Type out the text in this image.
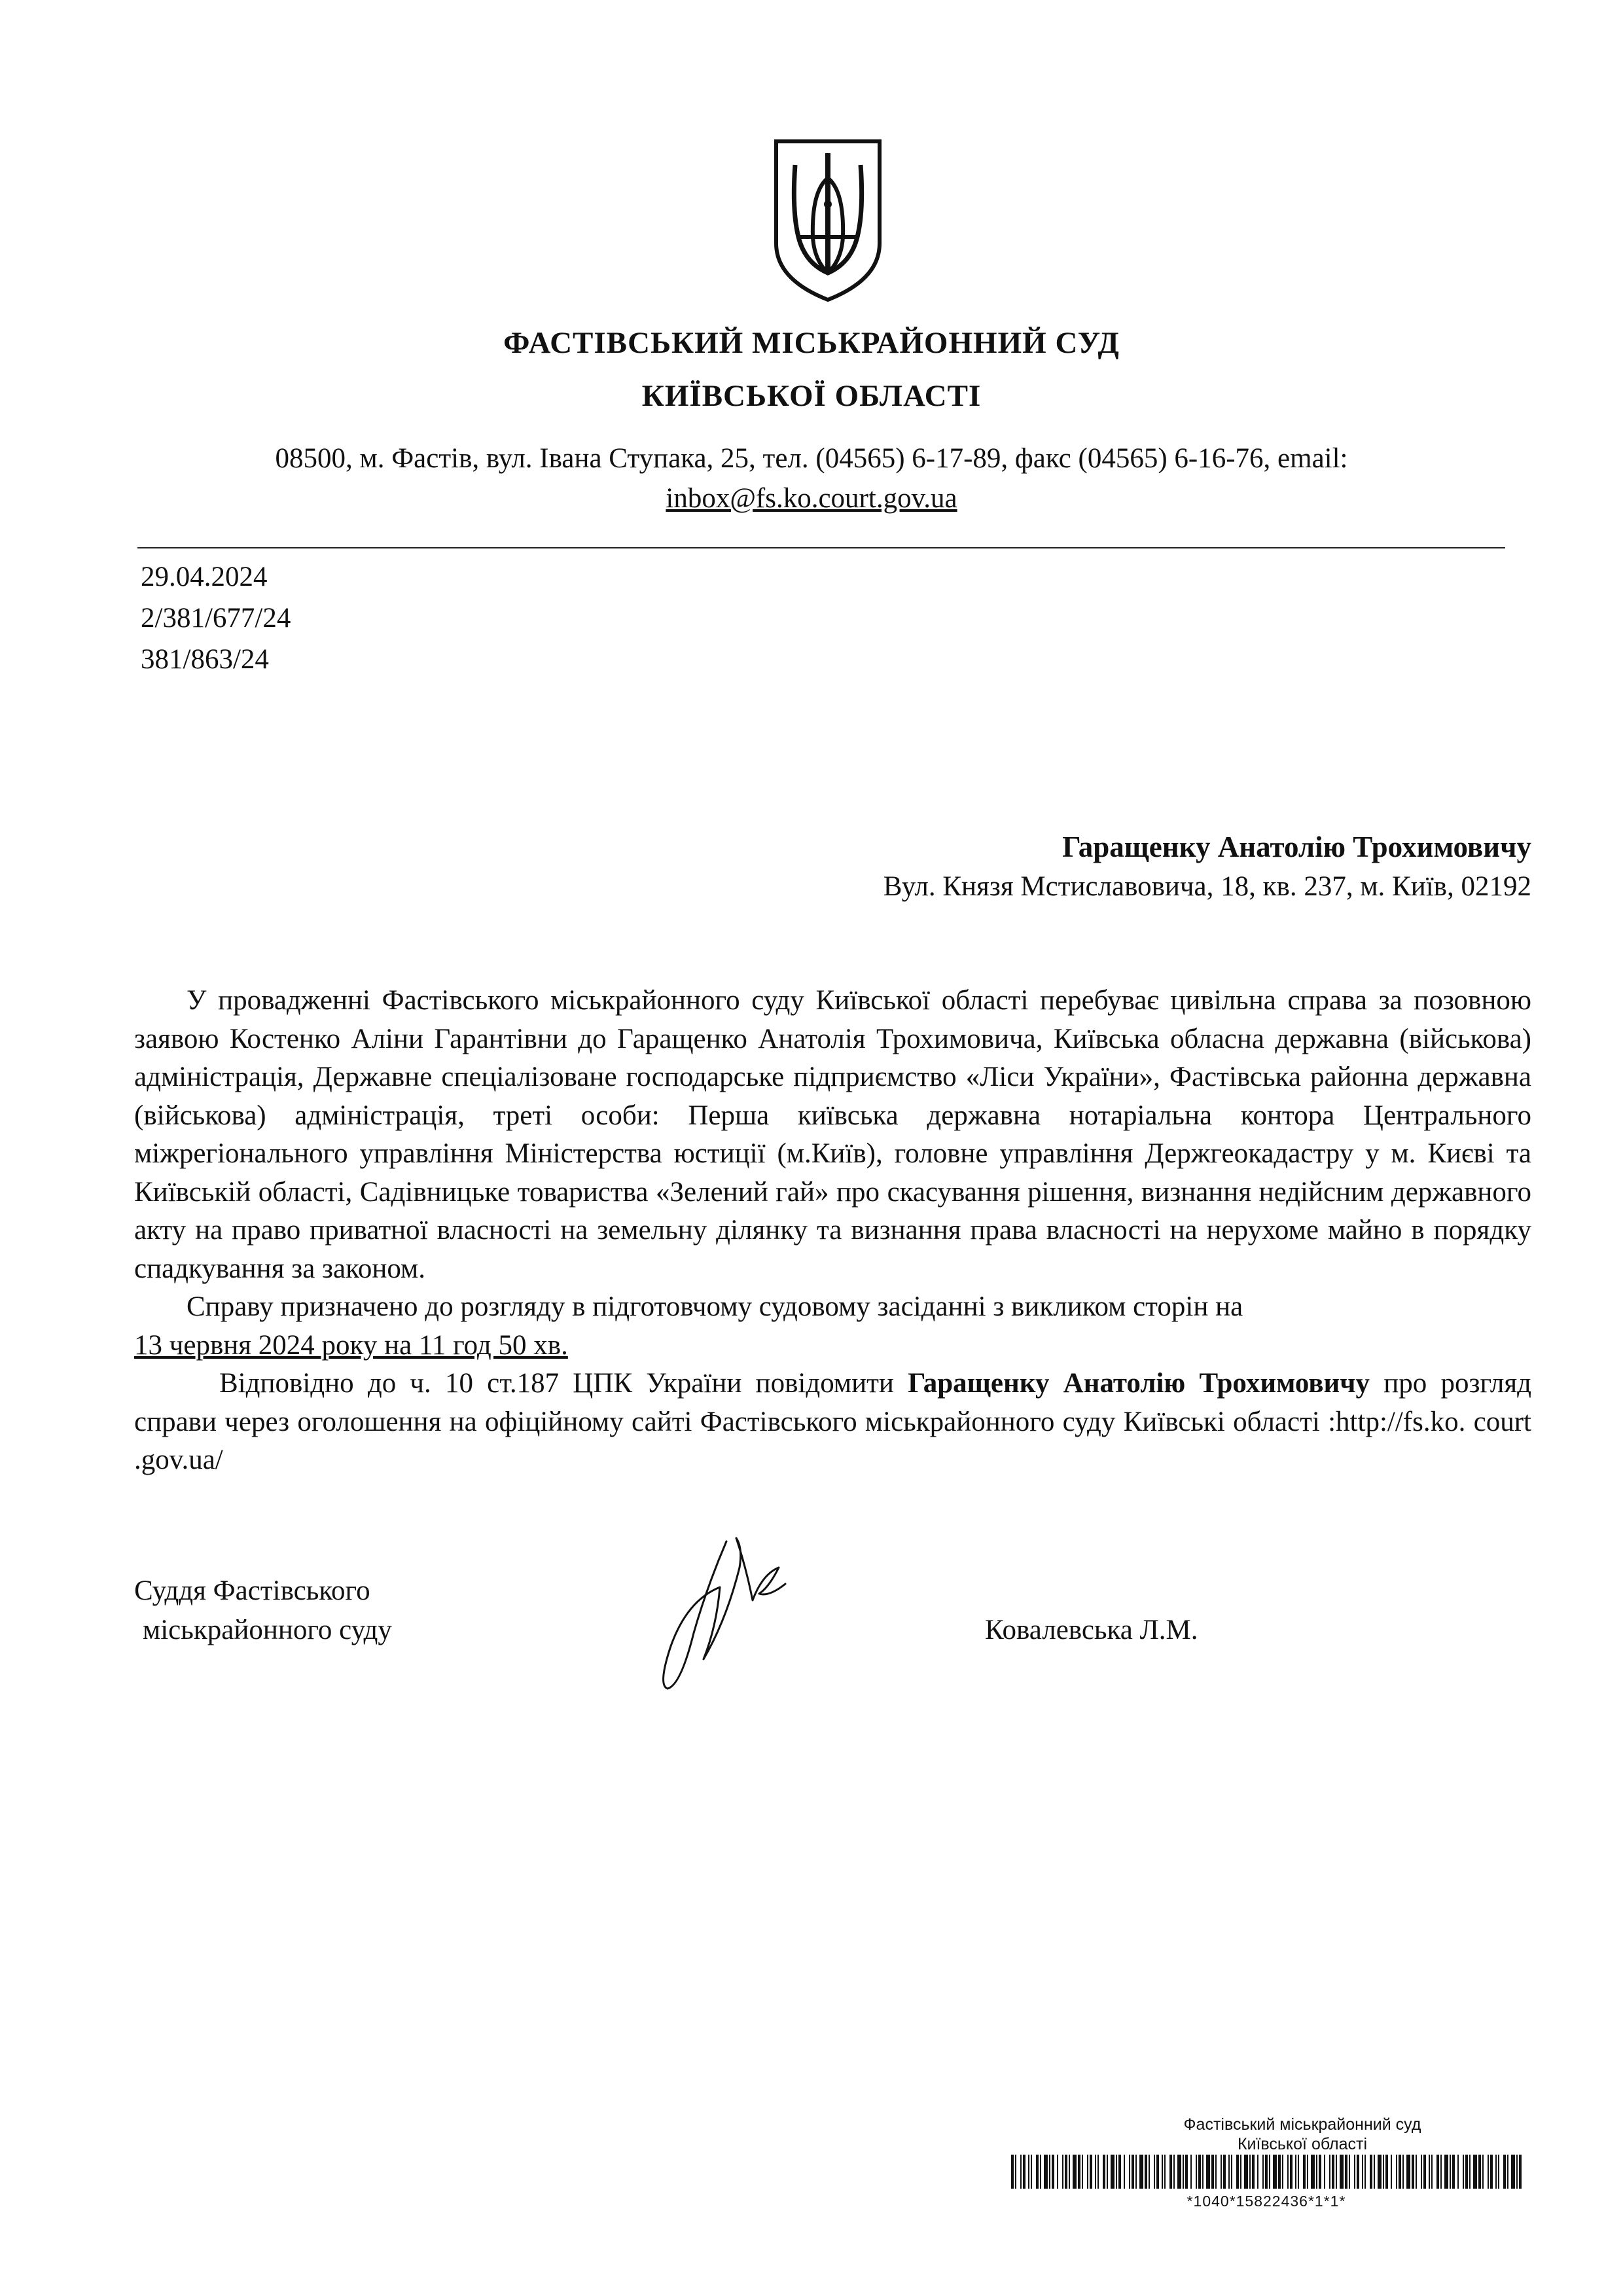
ФАСТІВСЬКИЙ МІСЬКРАЙОННИЙ СУД
КИЇВСЬКОЇ ОБЛАСТІ
08500, м. Фастів, вул. Івана Ступака, 25, тел. (04565) 6-17-89, факс (04565) 6-16-76, email:
inbox@fs.ko.court.gov.ua
29.04.2024
2/381/677/24
381/863/24
Гаращенку Анатолію Трохимовичу
Вул. Князя Мстиславовича, 18, кв. 237, м. Київ, 02192

У провадженні Фастівського міськрайонного суду Київської області перебуває цивільна справа за позовною заявою Костенко Аліни Гарантівни до Гаращенко Анатолія Трохимовича, Київська обласна державна (військова) адміністрація, Державне спеціалізоване господарське підприємство «Ліси України», Фастівська районна державна (військова) адміністрація, треті особи: Перша київська державна нотаріальна контора Центрального міжрегіонального управління Міністерства юстиції (м.Київ), головне управління Держгеокадастру у м. Києві та Київській області, Садівницьке товариства «Зелений гай» про скасування рішення, визнання недійсним державного акту на право приватної власності на земельну ділянку та визнання права власності на нерухоме майно в порядку спадкування за законом.

Справу призначено до розгляду в підготовчому судовому засіданні з викликом сторін на
13 червня 2024 року на 11 год 50 хв.

Відповідно до ч. 10 ст.187 ЦПК України повідомити Гаращенку Анатолію Трохимовичу про розгляд справи через оголошення на офіційному сайті Фастівського міськрайонного суду Київські області :http://fs.ko. court .gov.ua/

Суддя Фастівського
міськрайонного суду	Ковалевська Л.М.
Фастівський міськрайонний суд
Київської області
*1040*15822436*1*1*
